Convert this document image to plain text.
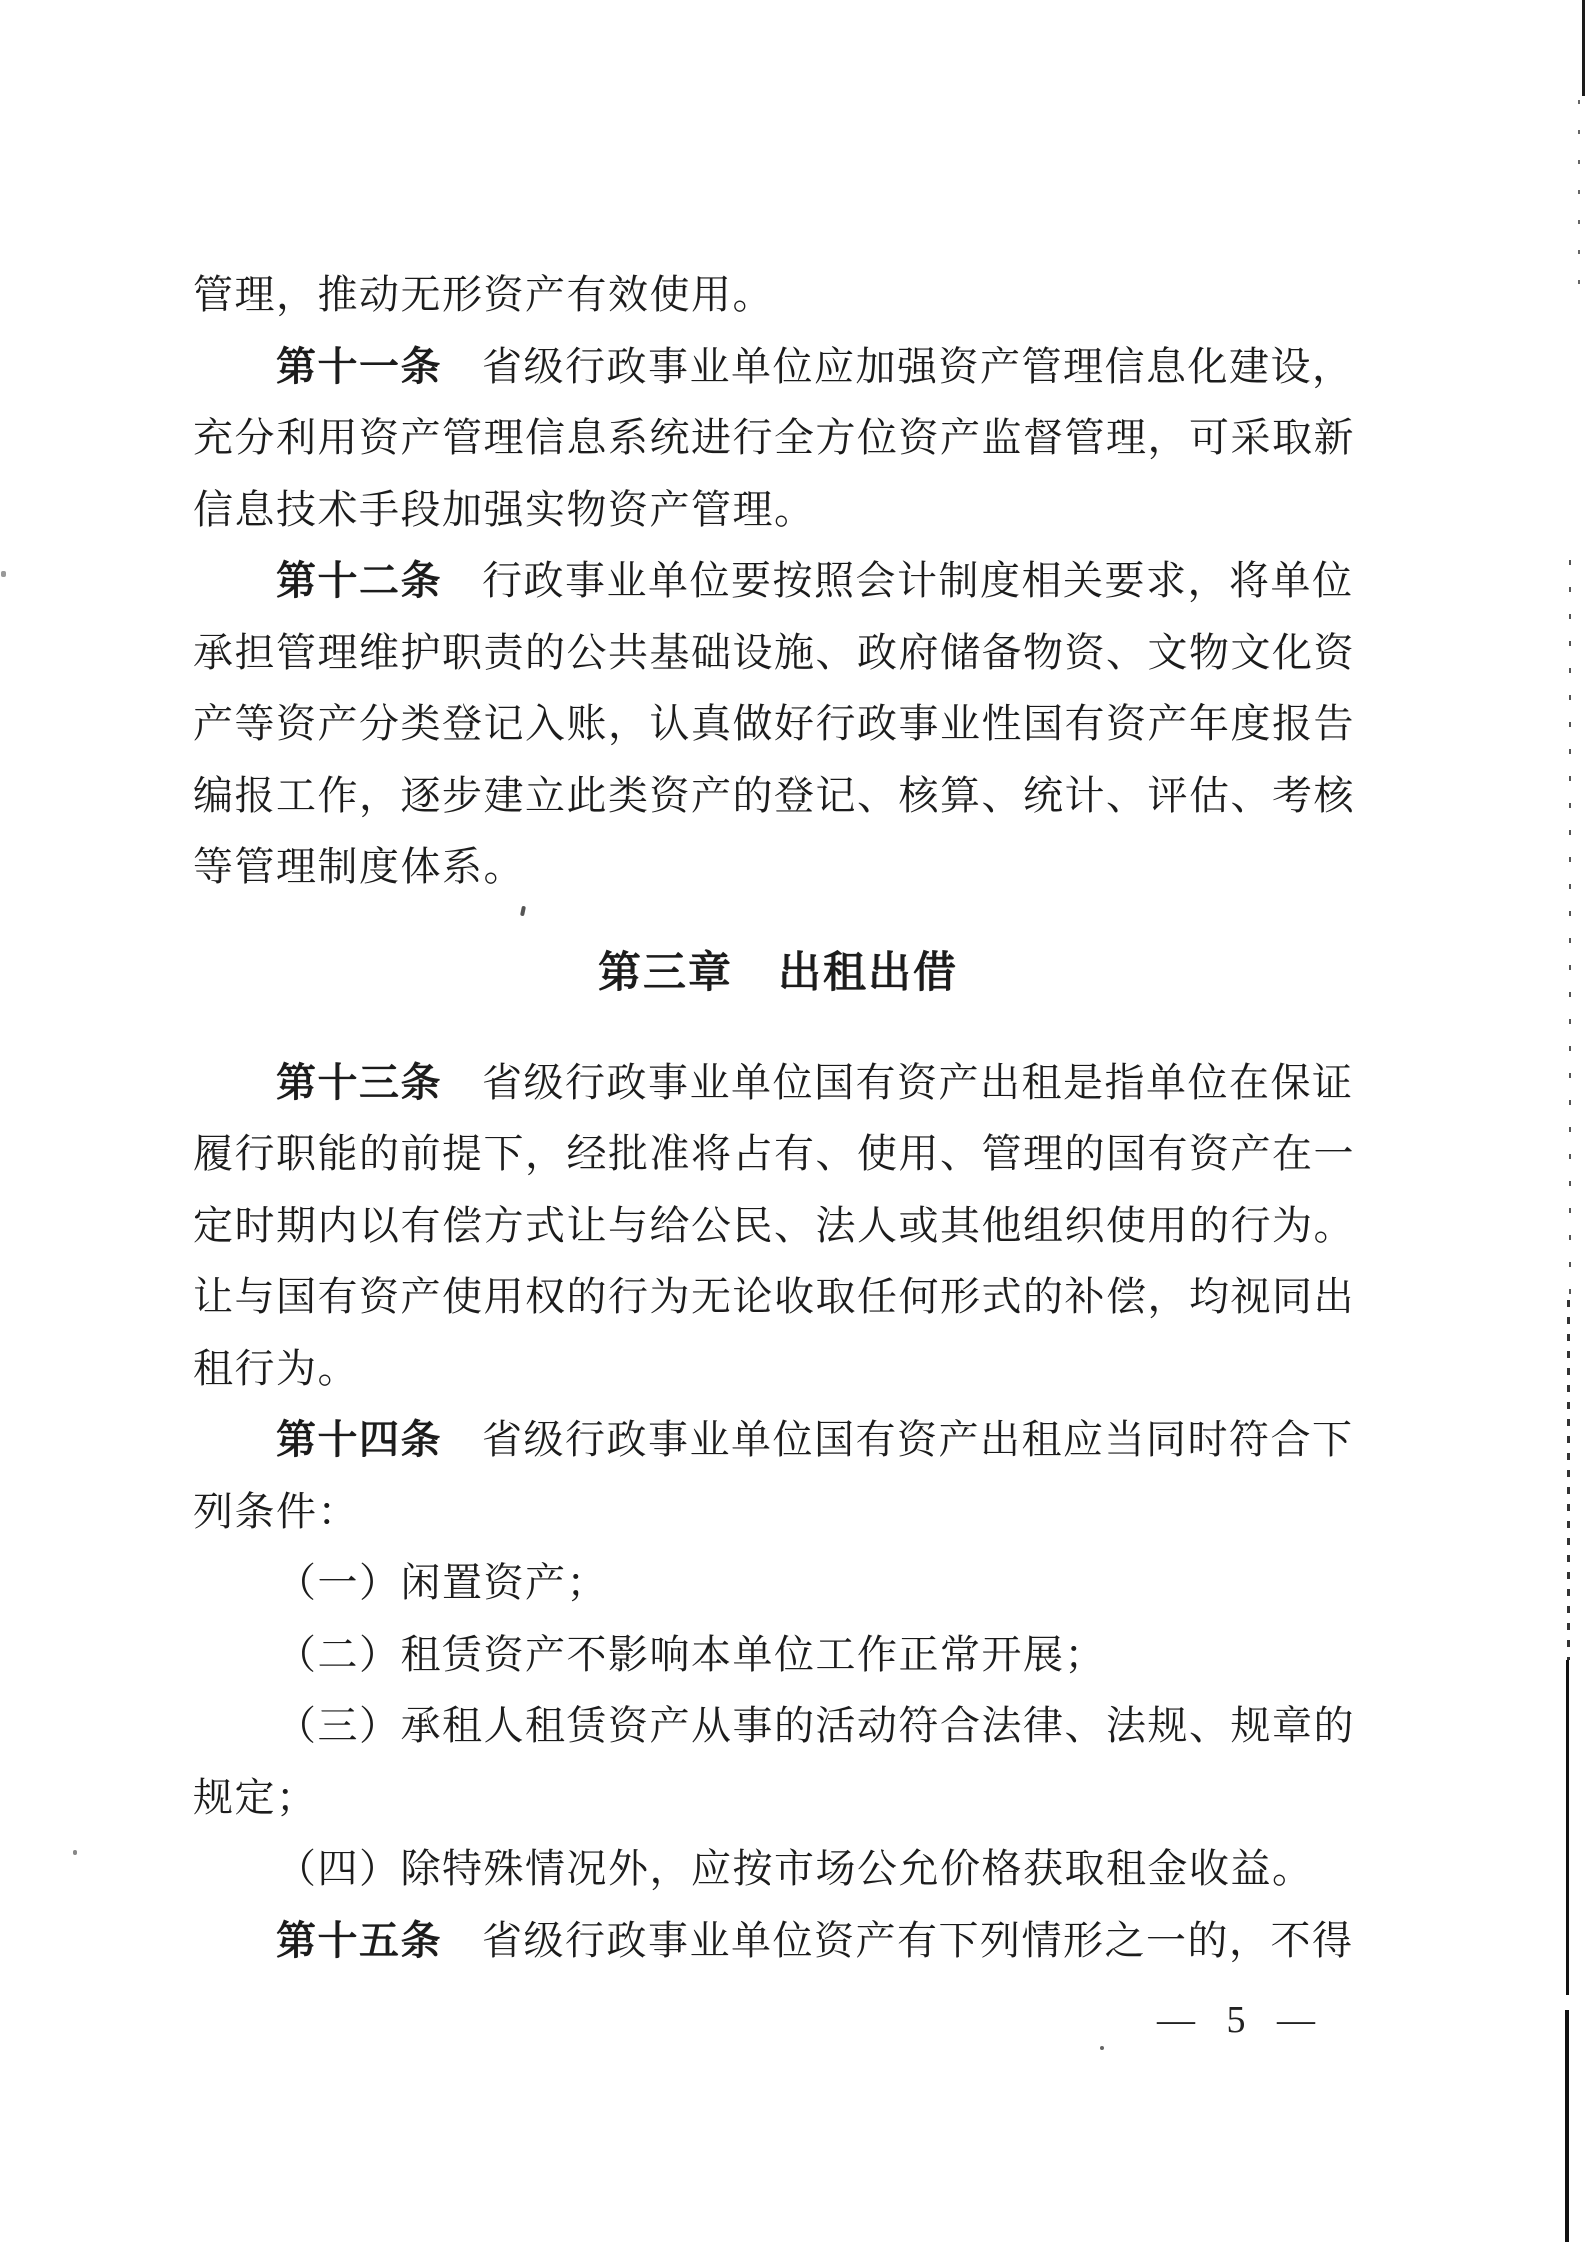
管理，推动无形资产有效使用。
第十一条 省级行政事业单位应加强资产管理信息化建设，
充分利用资产管理信息系统进行全方位资产监督管理，可采取新
信息技术手段加强实物资产管理。
第十二条 行政事业单位要按照会计制度相关要求，将单位
承担管理维护职责的公共基础设施、政府储备物资、文物文化资
产等资产分类登记入账，认真做好行政事业性国有资产年度报告
编报工作，逐步建立此类资产的登记、核算、统计、评估、考核
等管理制度体系。
第三章　出租出借
第十三条 省级行政事业单位国有资产出租是指单位在保证
履行职能的前提下，经批准将占有、使用、管理的国有资产在一
定时期内以有偿方式让与给公民、法人或其他组织使用的行为。
让与国有资产使用权的行为无论收取任何形式的补偿，均视同出
租行为。
第十四条 省级行政事业单位国有资产出租应当同时符合下
列条件：
（一）闲置资产；
（二）租赁资产不影响本单位工作正常开展；
（三）承租人租赁资产从事的活动符合法律、法规、规章的
规定；
（四）除特殊情况外，应按市场公允价格获取租金收益。
第十五条 省级行政事业单位资产有下列情形之一的，不得
— 5 —
